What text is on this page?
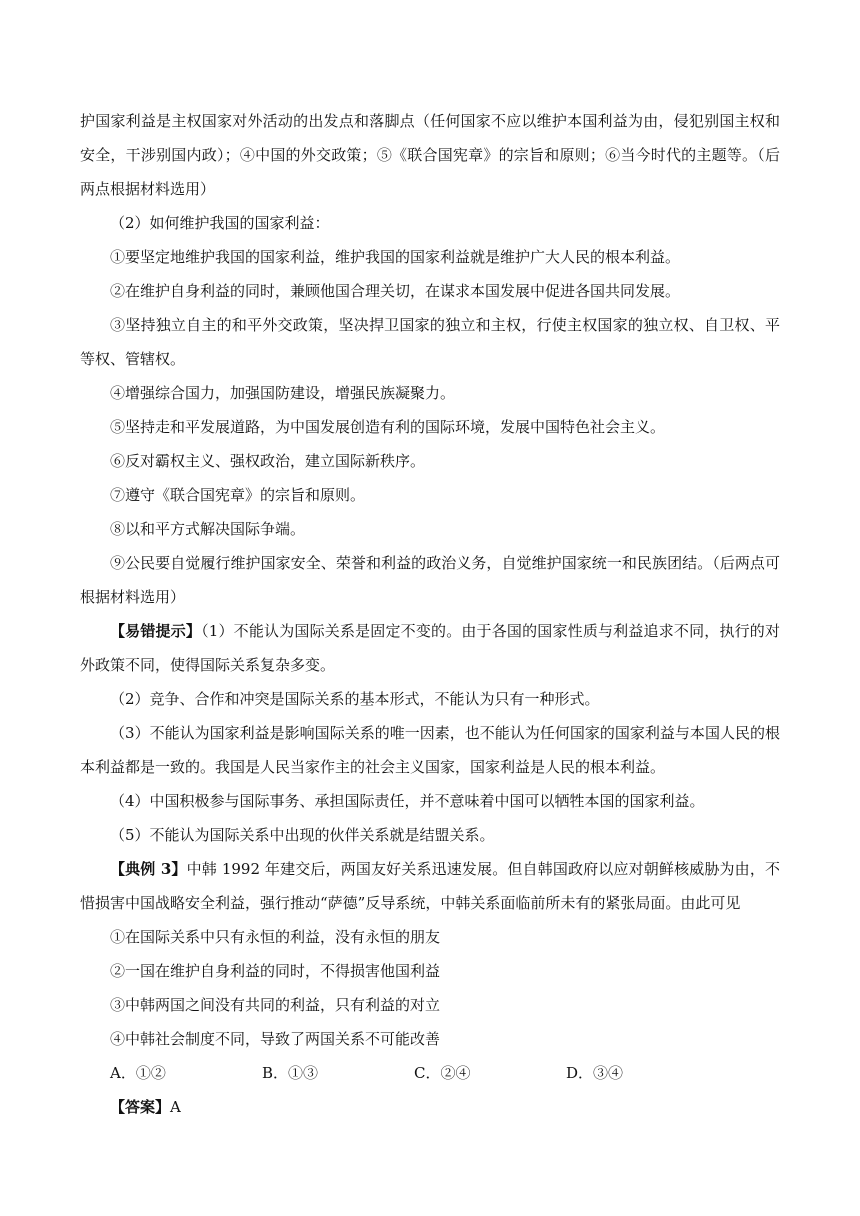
护国家利益是主权国家对外活动的出发点和落脚点（任何国家不应以维护本国利益为由，侵犯别国主权和安全，干涉别国内政）；④中国的外交政策；⑤《联合国宪章》的宗旨和原则；⑥当今时代的主题等。（后两点根据材料选用）

（2）如何维护我国的国家利益：

①要坚定地维护我国的国家利益，维护我国的国家利益就是维护广大人民的根本利益。

②在维护自身利益的同时，兼顾他国合理关切，在谋求本国发展中促进各国共同发展。

③坚持独立自主的和平外交政策，坚决捍卫国家的独立和主权，行使主权国家的独立权、自卫权、平等权、管辖权。

④增强综合国力，加强国防建设，增强民族凝聚力。

⑤坚持走和平发展道路，为中国发展创造有利的国际环境，发展中国特色社会主义。

⑥反对霸权主义、强权政治，建立国际新秩序。

⑦遵守《联合国宪章》的宗旨和原则。

⑧以和平方式解决国际争端。

⑨公民要自觉履行维护国家安全、荣誉和利益的政治义务，自觉维护国家统一和民族团结。（后两点可根据材料选用）

【易错提示】（1）不能认为国际关系是固定不变的。由于各国的国家性质与利益追求不同，执行的对外政策不同，使得国际关系复杂多变。

（2）竞争、合作和冲突是国际关系的基本形式，不能认为只有一种形式。

（3）不能认为国家利益是影响国际关系的唯一因素，也不能认为任何国家的国家利益与本国人民的根本利益都是一致的。我国是人民当家作主的社会主义国家，国家利益是人民的根本利益。

（4）中国积极参与国际事务、承担国际责任，并不意味着中国可以牺牲本国的国家利益。

（5）不能认为国际关系中出现的伙伴关系就是结盟关系。

【典例 3】中韩 1992 年建交后，两国友好关系迅速发展。但自韩国政府以应对朝鲜核威胁为由，不惜损害中国战略安全利益，强行推动“萨德”反导系统，中韩关系面临前所未有的紧张局面。由此可见

①在国际关系中只有永恒的利益，没有永恒的朋友

②一国在维护自身利益的同时，不得损害他国利益

③中韩两国之间没有共同的利益，只有利益的对立

④中韩社会制度不同，导致了两国关系不可能改善

A．①②	B．①③	C．②④	D．③④

【答案】A
